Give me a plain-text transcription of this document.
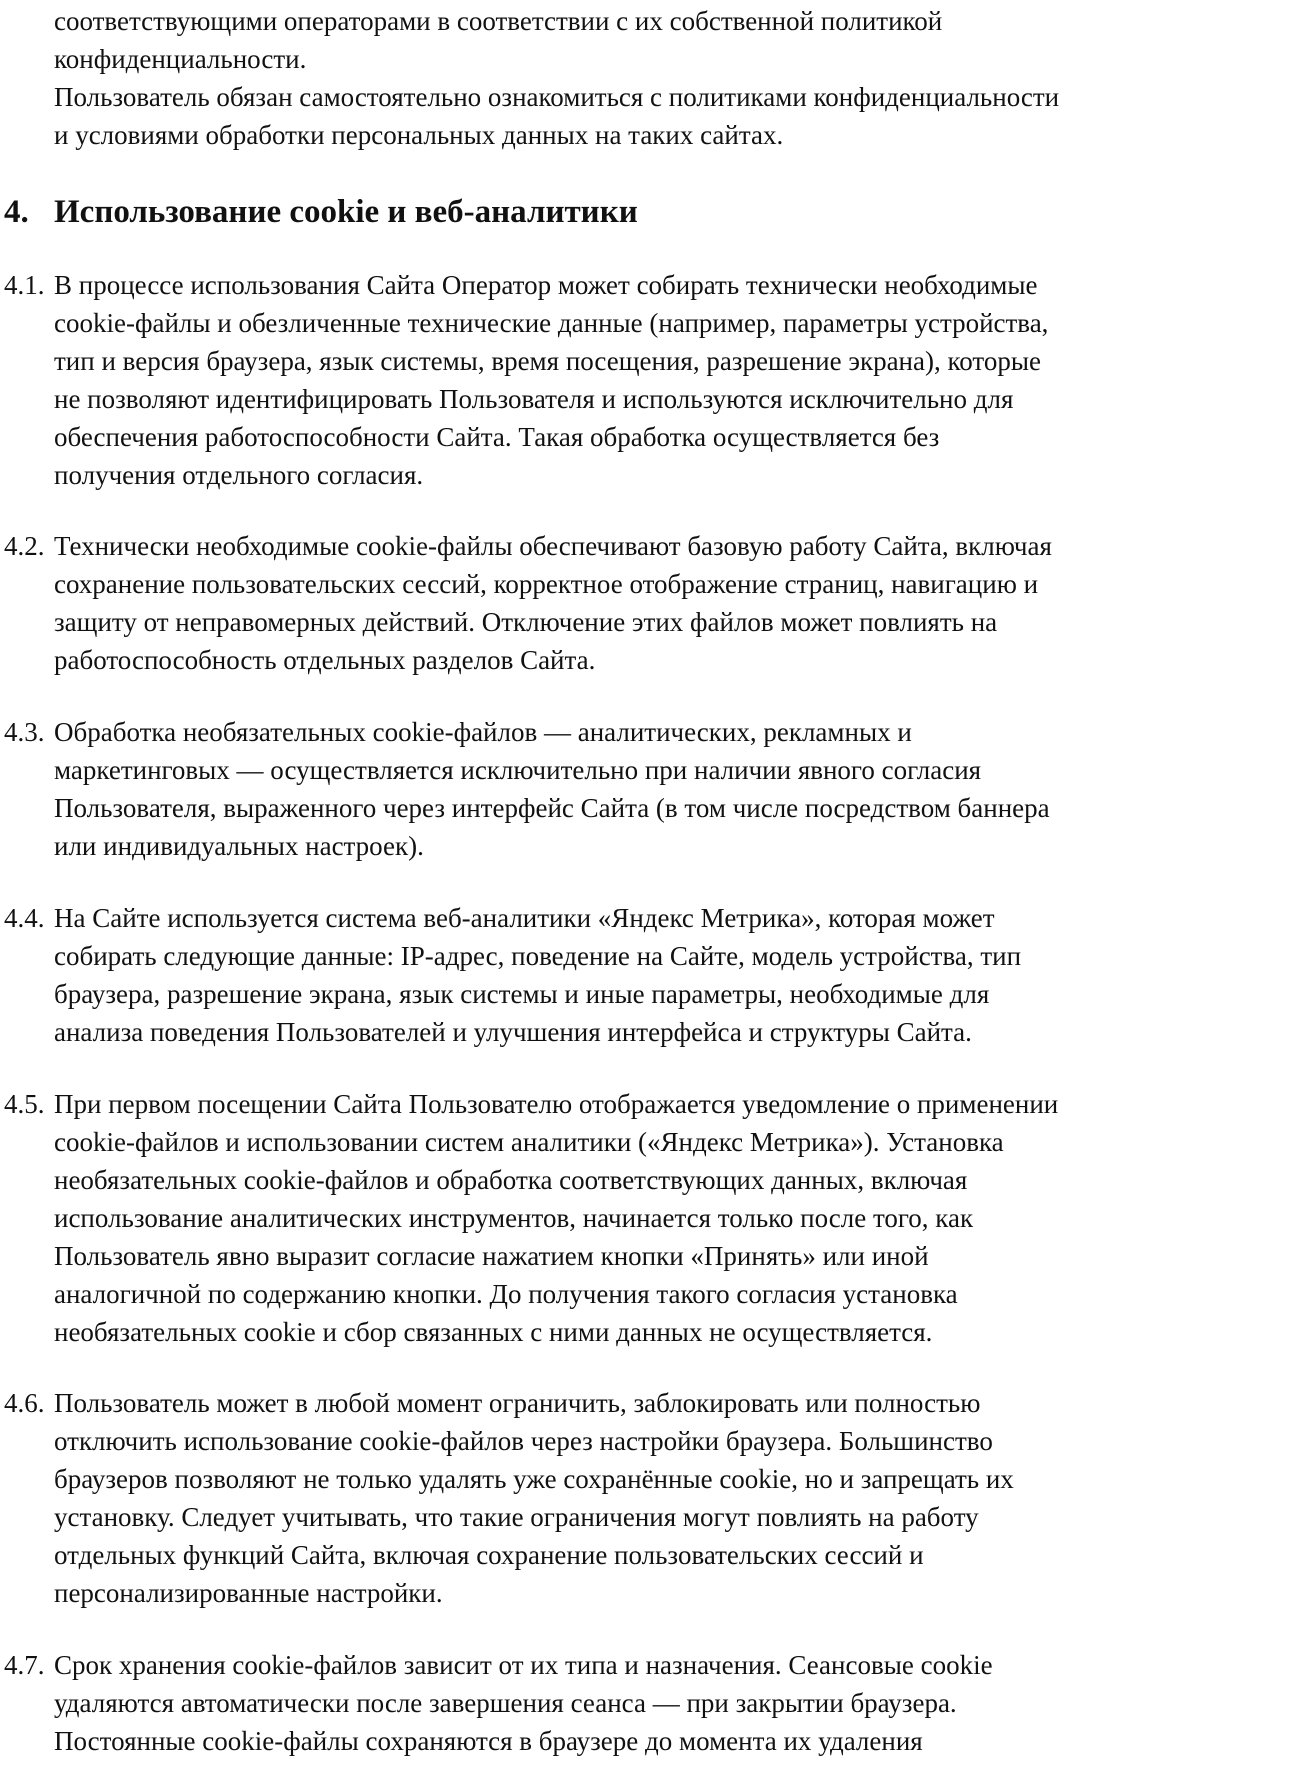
соответствующими операторами в соответствии с их собственной политикой
конфиденциальности.
Пользователь обязан самостоятельно ознакомиться с политиками конфиденциальности
и условиями обработки персональных данных на таких сайтах.
4. Использование cookie и веб-аналитики
4.1. В процессе использования Сайта Оператор может собирать технически необходимые
cookie-файлы и обезличенные технические данные (например, параметры устройства,
тип и версия браузера, язык системы, время посещения, разрешение экрана), которые
не позволяют идентифицировать Пользователя и используются исключительно для
обеспечения работоспособности Сайта. Такая обработка осуществляется без
получения отдельного согласия.
4.2. Технически необходимые cookie-файлы обеспечивают базовую работу Сайта, включая
сохранение пользовательских сессий, корректное отображение страниц, навигацию и
защиту от неправомерных действий. Отключение этих файлов может повлиять на
работоспособность отдельных разделов Сайта.
4.3. Обработка необязательных cookie-файлов — аналитических, рекламных и
маркетинговых — осуществляется исключительно при наличии явного согласия
Пользователя, выраженного через интерфейс Сайта (в том числе посредством баннера
или индивидуальных настроек).
4.4. На Сайте используется система веб-аналитики «Яндекс Метрика», которая может
собирать следующие данные: IP-адрес, поведение на Сайте, модель устройства, тип
браузера, разрешение экрана, язык системы и иные параметры, необходимые для
анализа поведения Пользователей и улучшения интерфейса и структуры Сайта.
4.5. При первом посещении Сайта Пользователю отображается уведомление о применении
cookie-файлов и использовании систем аналитики («Яндекс Метрика»). Установка
необязательных cookie-файлов и обработка соответствующих данных, включая
использование аналитических инструментов, начинается только после того, как
Пользователь явно выразит согласие нажатием кнопки «Принять» или иной
аналогичной по содержанию кнопки. До получения такого согласия установка
необязательных cookie и сбор связанных с ними данных не осуществляется.
4.6. Пользователь может в любой момент ограничить, заблокировать или полностью
отключить использование cookie-файлов через настройки браузера. Большинство
браузеров позволяют не только удалять уже сохранённые cookie, но и запрещать их
установку. Следует учитывать, что такие ограничения могут повлиять на работу
отдельных функций Сайта, включая сохранение пользовательских сессий и
персонализированные настройки.
4.7. Срок хранения cookie-файлов зависит от их типа и назначения. Сеансовые cookie
удаляются автоматически после завершения сеанса — при закрытии браузера.
Постоянные cookie-файлы сохраняются в браузере до момента их удаления
